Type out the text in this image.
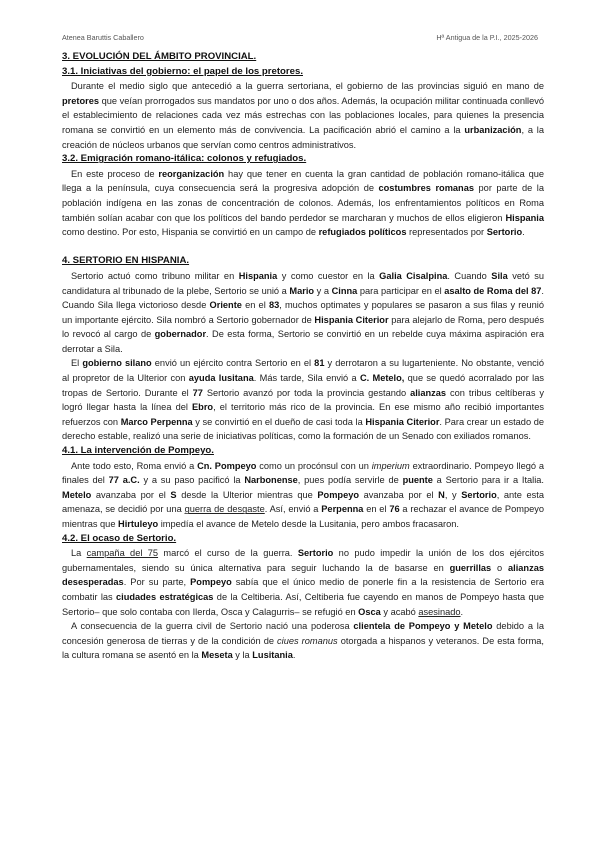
Atenea Baruttis Caballero	Hª Antigua de la P.I., 2025-2026
3. EVOLUCIÓN DEL ÁMBITO PROVINCIAL.
3.1. Iniciativas del gobierno: el papel de los pretores.

Durante el medio siglo que antecedió a la guerra sertoriana, el gobierno de las provincias siguió en mano de pretores que veían prorrogados sus mandatos por uno o dos años. Además, la ocupación militar continuada conllevó el establecimiento de relaciones cada vez más estrechas con las poblaciones locales, para quienes la presencia romana se convirtió en un elemento más de convivencia. La pacificación abrió el camino a la urbanización, a la creación de núcleos urbanos que servían como centros administrativos.

3.2. Emigración romano-itálica: colonos y refugiados.

En este proceso de reorganización hay que tener en cuenta la gran cantidad de población romano-itálica que llega a la península, cuya consecuencia será la progresiva adopción de costumbres romanas por parte de la población indígena en las zonas de concentración de colonos. Además, los enfrentamientos políticos en Roma también solían acabar con que los políticos del bando perdedor se marcharan y muchos de ellos eligieron Hispania como destino. Por esto, Hispania se convirtió en un campo de refugiados políticos representados por Sertorio.

4. SERTORIO EN HISPANIA.

Sertorio actuó como tribuno militar en Hispania y como cuestor en la Galia Cisalpina. Cuando Sila vetó su candidatura al tribunado de la plebe, Sertorio se unió a Mario y a Cinna para participar en el asalto de Roma del 87. Cuando Sila llega victorioso desde Oriente en el 83, muchos optimates y populares se pasaron a sus filas y reunió un importante ejército. Sila nombró a Sertorio gobernador de Hispania Citerior para alejarlo de Roma, pero después lo revocó al cargo de gobernador. De esta forma, Sertorio se convirtió en un rebelde cuya máxima aspiración era derrotar a Sila.

El gobierno silano envió un ejército contra Sertorio en el 81 y derrotaron a su lugarteniente. No obstante, venció al propretor de la Ulterior con ayuda lusitana. Más tarde, Sila envió a C. Metelo, que se quedó acorralado por las tropas de Sertorio. Durante el 77 Sertorio avanzó por toda la provincia gestando alianzas con tribus celtíberas y logró llegar hasta la línea del Ebro, el territorio más rico de la provincia. En ese mismo año recibió importantes refuerzos con Marco Perpenna y se convirtió en el dueño de casi toda la Hispania Citerior. Para crear un estado de derecho estable, realizó una serie de iniciativas políticas, como la formación de un Senado con exiliados romanos.

4.1. La intervención de Pompeyo.

Ante todo esto, Roma envió a Cn. Pompeyo como un procónsul con un imperium extraordinario. Pompeyo llegó a finales del 77 a.C. y a su paso pacificó la Narbonense, pues podía servirle de puente a Sertorio para ir a Italia. Metelo avanzaba por el S desde la Ulterior mientras que Pompeyo avanzaba por el N, y Sertorio, ante esta amenaza, se decidió por una guerra de desgaste. Así, envió a Perpenna en el 76 a rechazar el avance de Pompeyo mientras que Hirtuleyo impedía el avance de Metelo desde la Lusitania, pero ambos fracasaron.

4.2. El ocaso de Sertorio.

La campaña del 75 marcó el curso de la guerra. Sertorio no pudo impedir la unión de los dos ejércitos gubernamentales, siendo su única alternativa para seguir luchando la de basarse en guerrillas o alianzas desesperadas. Por su parte, Pompeyo sabía que el único medio de ponerle fin a la resistencia de Sertorio era combatir las ciudades estratégicas de la Celtiberia. Así, Celtiberia fue cayendo en manos de Pompeyo hasta que Sertorio– que solo contaba con Ilerda, Osca y Calagurris– se refugió en Osca y acabó asesinado.

A consecuencia de la guerra civil de Sertorio nació una poderosa clientela de Pompeyo y Metelo debido a la concesión generosa de tierras y de la condición de ciues romanus otorgada a hispanos y veteranos. De esta forma, la cultura romana se asentó en la Meseta y la Lusitania.
